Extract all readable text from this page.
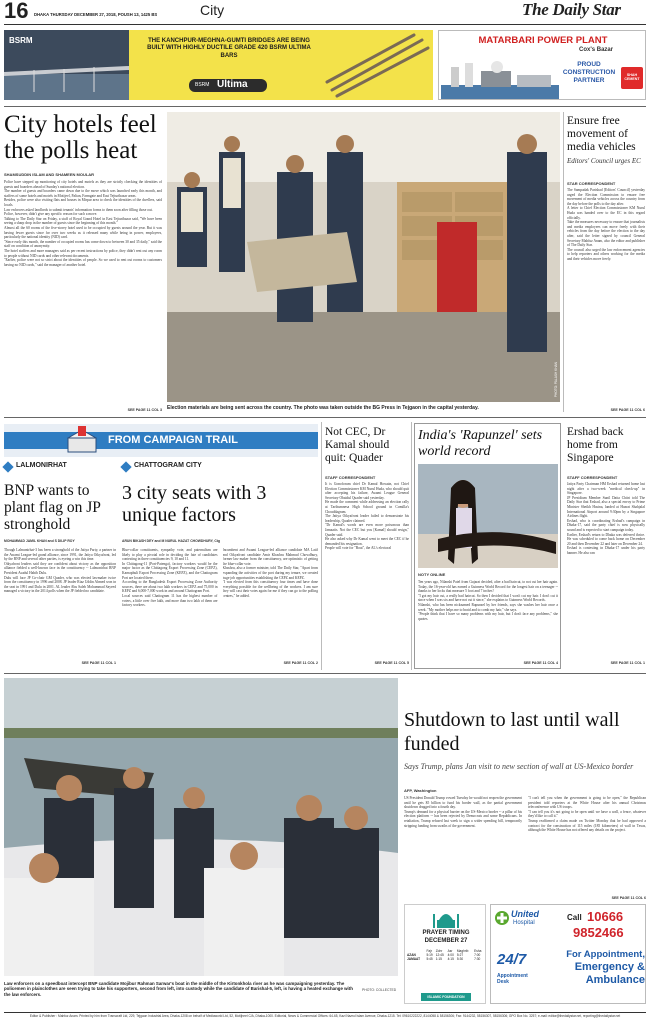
16 DHAKA THURSDAY DECEMBER 27, 2018, POUSH 13, 1425 BS	City	The Daily Star
BSRM	THE KANCHPUR-MEGHNA-GUMTI BRIDGES ARE BEING BUILT WITH HIGHLY DUCTILE GRADE 420 BSRM ULTIMA BARS
BSRM Ultima
MATARBARI POWER PLANT
Cox's Bazar
PROUD CONSTRUCTION PARTNER
SHAH CEMENT
City hotels feel the polls heat
SHAMSUDDIN ISLAM AND SHAMEEN MOULAR

Police have stepped up monitoring of city hotels and motels as they are strictly checking the identities of guests and boarders ahead of Sunday's national election.

The number of guests and boarders came down due to the move which was launched early this month, and staffers of some hotels and motels in Motijeel, Paltan, Farmgate and East Tejturibazar areas.

Besides, police were also visiting flats and houses in Mirpur area to check the identities of the dwellers, said locals.

Law enforcers asked landlords to submit tenants' information forms to them soon after filling those out.

Police, however, didn't give any specific reason for such a move.

Talking to The Daily Star on Friday, a staff of Royal Grand Hotel in East Tejturibazar said, "We have been seeing a sharp drop in the number of guests since the beginning of this month."

Almost all the 60 rooms of the five-storey hotel used to be occupied by guests around the year. But it was having fewer guests since for over two weeks as it released many while being in power, employees, particularly the national identity (NID) card.

"Since early this month, the number of occupied rooms has come down to between 30 and 35 daily," said the staff on condition of anonymity.

The hotel staffers and more managers said as per recent instructions by police, they didn't rent out any room to people without NID cards and other relevant documents.

"Earlier, police were not so strict about the identities of people. So we used to rent out rooms to customers having no NID cards," said the manager of another hotel.

SEE PAGE 11 COL 3
PHOTO: PALASH KHAN
Election materials are being sent across the country. The photo was taken outside the BG Press in Tejgaon in the capital yesterday.
Ensure free movement of media vehicles
Editors' Council urges EC
STAR CORRESPONDENT

The Sampadak Parishad [Editors' Council] yesterday urged the Election Commission to ensure free movement of media vehicles across the country from the day before the polls to the day after.

A letter to Chief Election Commissioner KM Nurul Huda was handed over to the EC in this regard officially.

Take the measures necessary to ensure that journalists and media employees can move freely with their vehicles from the day before the election to the day after, said the letter signed by council General Secretary Mahfuz Anam, also the editor and publisher of The Daily Star.

The council also urged the law enforcement agencies to help reporters and others working for the media and their vehicles move freely.

SEE PAGE 11 COL 6
FROM CAMPAIGN TRAIL
LALMONIRHAT
BNP wants to plant flag on JP stronghold
MOHAMMAD JAMIL KHAN and S DILIP ROY

Though Lalmonirhat-3 has been a stronghold of the Jatiya Party, a partner in the Awami League-led grand alliance, since 1991, the Jatiya Oikyafront, led by the BNP and several other parties, is eyeing a win this time.

Oikyafront leaders said they are confident about victory as the opposition alliance fielded a well-known face in the constituency -- Lalmonirhat BNP President Asadul Habib Dulu.

Dulu will face JP Co-chair GM Quader, who was elected lawmaker twice from the constituency in 1996 and 2008. JP leader Riaz Uddin Ahmed won in the seat in 1991 and Dulu in 2001. AL leader Abu Saleh Mohammad Sayeed managed a victory in the 2014 polls when the JP fielded no candidate.

SEE PAGE 11 COL 1
CHATTOGRAM CITY
3 city seats with 3 unique factors
ARUN BIKASH DEY and M NURUL HAZAT CHOWDHURY, Ctg

Blue-collar constituents, sympathy vote, and paternalism are likely to play a pivotal role in deciding the fate of candidates contesting in three constituencies 9, 10 and 11.

In Chittagong-11 (Port-Patenga), factory workers would be the major factor as the Chittagong Export Processing Zone (CEPZ), Karnaphuli Export Processing Zone (KEPZ), and the Chattogram Port are located there.

According to the Bangladesh Export Processing Zone Authority sources, there are about two lakh workers in CEPZ and 75,000 in KEPZ and 6,000-7,000 work in and around Chattogram Port.

Local sources said Chattogram 11 has the highest number of voters, a little over five lakh, and more than two lakh of them are factory workers.

Incumbent and Awami League-led alliance candidate MA Latif and Oikyafront candidate Amir Khashru Mahmud Chowdhury, former law maker from the constituency, are optimistic of getting the blue-collar vote.

Khashru, also a former minister, told The Daily Star, "Apart from expanding the activities of the port during my tenure, we created huge job opportunities establishing the CEPZ and KEPZ.

"I was elected from this constituency four times and have done everything possible for the wellbeing of the workers. I am sure they will cast their votes again for me if they can go to the polling centres," he added.

SEE PAGE 11 COL 2
Not CEC, Dr Kamal should quit: Quader
STAFF CORRESPONDENT

It is Gonoforum chief Dr Kamal Hossain, not Chief Election Commissioner KM Nurul Huda, who should quit after accepting his failure, Awami League General Secretary Obaidul Quader said yesterday.

He made the comment while addressing an election rally at Tarihumnesa High School ground in Comilla's Chouddagram.

The Jatiya Oikyafront leader failed to demonstrate his leadership, Quader claimed.

"Dr Kamal's words are even more poisonous than Jamaatis. Not the CEC but you [Kamal] should resign," Quader said.

He also asked why Dr Kamal went to meet the CEC if he demanded his resignation.

People will vote for "Boat", the AL's electoral

SEE PAGE 11 COL 5
India's 'Rapunzel' sets world record
NOTY ONLINE

Ten years ago, Nilanshi Patel from Gujarat decided, after a bad haircut, to not cut her hair again. Today, the 16-year-old has earned a Guinness World Record for the longest hair on a teenager -- thanks to her locks that measure 5 foot and 7 inches!

"I got my hair cut, a really bad haircut. So then I decided that I won't cut my hair. I don't cut it since when I was six and have not cut it since," she explains to Guinness World Records.

Nilanshi, who has been nicknamed Rapunzel by her friends, says she washes her hair once a week. "My mother helps me to braid and to comb my hair," she says.

"People think that I have so many problems with my hair, but I don't face any problems," she quotes.

SEE PAGE 11 COL 4
Ershad back home from Singapore
STAFF CORRESPONDENT

Jatiya Party Chairman HM Ershad returned home last night after a two-week "medical check-up" in Singapore.

JP Presidium Member Sunil Datta Chitri told The Daily Star that Ershad, also a special envoy to Prime Minister Sheikh Hasina, landed at Hazrat Shahjalal International Airport around 9:30pm by a Singapore Airlines flight.

Ershad, who is coordinating Ershad's campaign in Dhaka-17, said the party chief is now physically sound and is expected to start campaign today.

Earlier, Ershad's return to Dhaka was deferred thrice. He was scheduled to come back home on December 20 and then December 22 and later on December 24.

Ershad is contesting in Dhaka-17 under his party banner. He also ran

SEE PAGE 11 COL 1
Law enforcers on a speedboat intercept BNP candidate Mojibur Rahman Sarwar's boat in the middle of the Kirtonkhola river as he was campaigning yesterday. The policemen in plainclothes are seen trying to take his supporters, second from left, into custody while the candidate of Barishal-5, left, is having a heated exchange with the law enforcers.
PHOTO: COLLECTED
Shutdown to last until wall funded
Says Trump, plans Jan visit to new section of wall at US-Mexico border
AFP, Washington

US President Donald Trump vowed Tuesday he would not reopen the government until he gets $5 billion to fund his border wall, as the partial government shutdown dragged into a fourth day.

Trump's demand for a physical barrier on the US-Mexico border -- a pillar of his election platform -- has been rejected by Democrats and some Republicans. In retaliation, Trump refused last week to sign a wider spending bill, temporarily stripping funding from swaths of the government.

"I can't tell you when the government is going to be open," the Republican president told reporters at the White House after his annual Christmas teleconference with US troops.

"I can tell you it's not going to be open until we have a wall, a fence, whatever they'd like to call it."

Trump reaffirmed a claim made on Twitter Monday that he had approved a contract for the construction of 115 miles (185 kilometers) of wall in Texas, although the White House has not offered any details on the project.

SEE PAGE 11 COL 6
PRAYER TIMING
DECEMBER 27
	Fajr	Zohr	Asr	Maghrib	Esha
AZAN	5:19	12:45	4:00	5:27	7:00
JAMAAT	5:45	1:15	4:15	5:30	7:30
ISLAMIC FOUNDATION
United
Hospital
Call 10666
9852466
24/7
Appointment Desk
For Appointment,
Emergency &
Ambulance
Editor & Publisher : Mahfuz Anam. Printed by him from Transcraft Ltd, 229, Tejgaon Industrial Area, Dhaka-1208 on behalf of Mediaworld Ltd, 52, Motijheel C/A, Dhaka-1000. Editorial, News & Commercial Offices: 64-65, Kazi Nazrul Islam Avenue, Dhaka-1215. Tel: 09610222222, 8144058 & 58156306; Fax: 9144232, 58156307, 58156306; GPO Box No. 3257; e-mail: editor@thedailystar.net, reporting@thedailystar.net
